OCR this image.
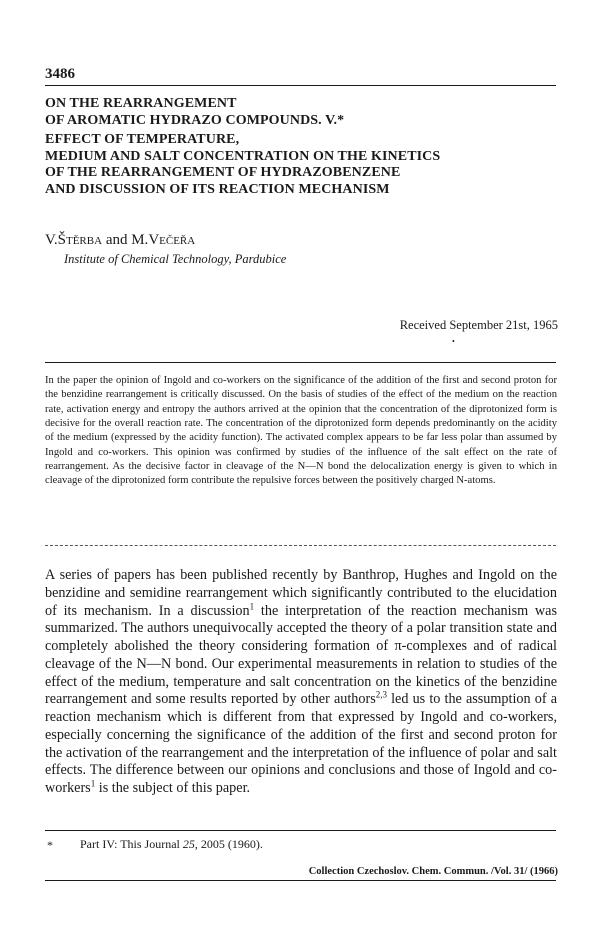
3486
ON THE REARRANGEMENT
OF AROMATIC HYDRAZO COMPOUNDS. V.*
EFFECT OF TEMPERATURE,
MEDIUM AND SALT CONCENTRATION ON THE KINETICS
OF THE REARRANGEMENT OF HYDRAZOBENZENE
AND DISCUSSION OF ITS REACTION MECHANISM
V.Štěrba and M.Večeřa
Institute of Chemical Technology, Pardubice
Received September 21st, 1965
•
In the paper the opinion of Ingold and co-workers on the significance of the addition of the first and second proton for the benzidine rearrangement is critically discussed. On the basis of studies of the effect of the medium on the reaction rate, activation energy and entropy the authors arrived at the opinion that the concentration of the diprotonized form is decisive for the overall reaction rate. The concentration of the diprotonized form depends predominantly on the acidity of the medium (expressed by the acidity function). The activated complex appears to be far less polar than assumed by Ingold and co-workers. This opinion was confirmed by studies of the influence of the salt effect on the rate of rearrangement. As the decisive factor in cleavage of the N—N bond the delocalization energy is given to which in cleavage of the diprotonized form contribute the repulsive forces between the positively charged N-atoms.
A series of papers has been published recently by Banthrop, Hughes and Ingold on the benzidine and semidine rearrangement which significantly contributed to the elucidation of its mechanism. In a discussion$^1$ the interpretation of the reaction mechanism was summarized. The authors unequivocally accepted the theory of a polar transition state and completely abolished the theory considering formation of π-complexes and of radical cleavage of the N—N bond. Our experimental measurements in relation to studies of the effect of the medium, temperature and salt concentration on the kinetics of the benzidine rearrangement and some results reported by other authors$^{2,3}$ led us to the assumption of a reaction mechanism which is different from that expressed by Ingold and co-workers, especially concerning the significance of the addition of the first and second proton for the activation of the rearrangement and the interpretation of the influence of polar and salt effects. The difference between our opinions and conclusions and those of Ingold and co-workers$^1$ is the subject of this paper.
* Part IV: This Journal 25, 2005 (1960).
Collection Czechoslov. Chem. Commun. /Vol. 31/ (1966)
